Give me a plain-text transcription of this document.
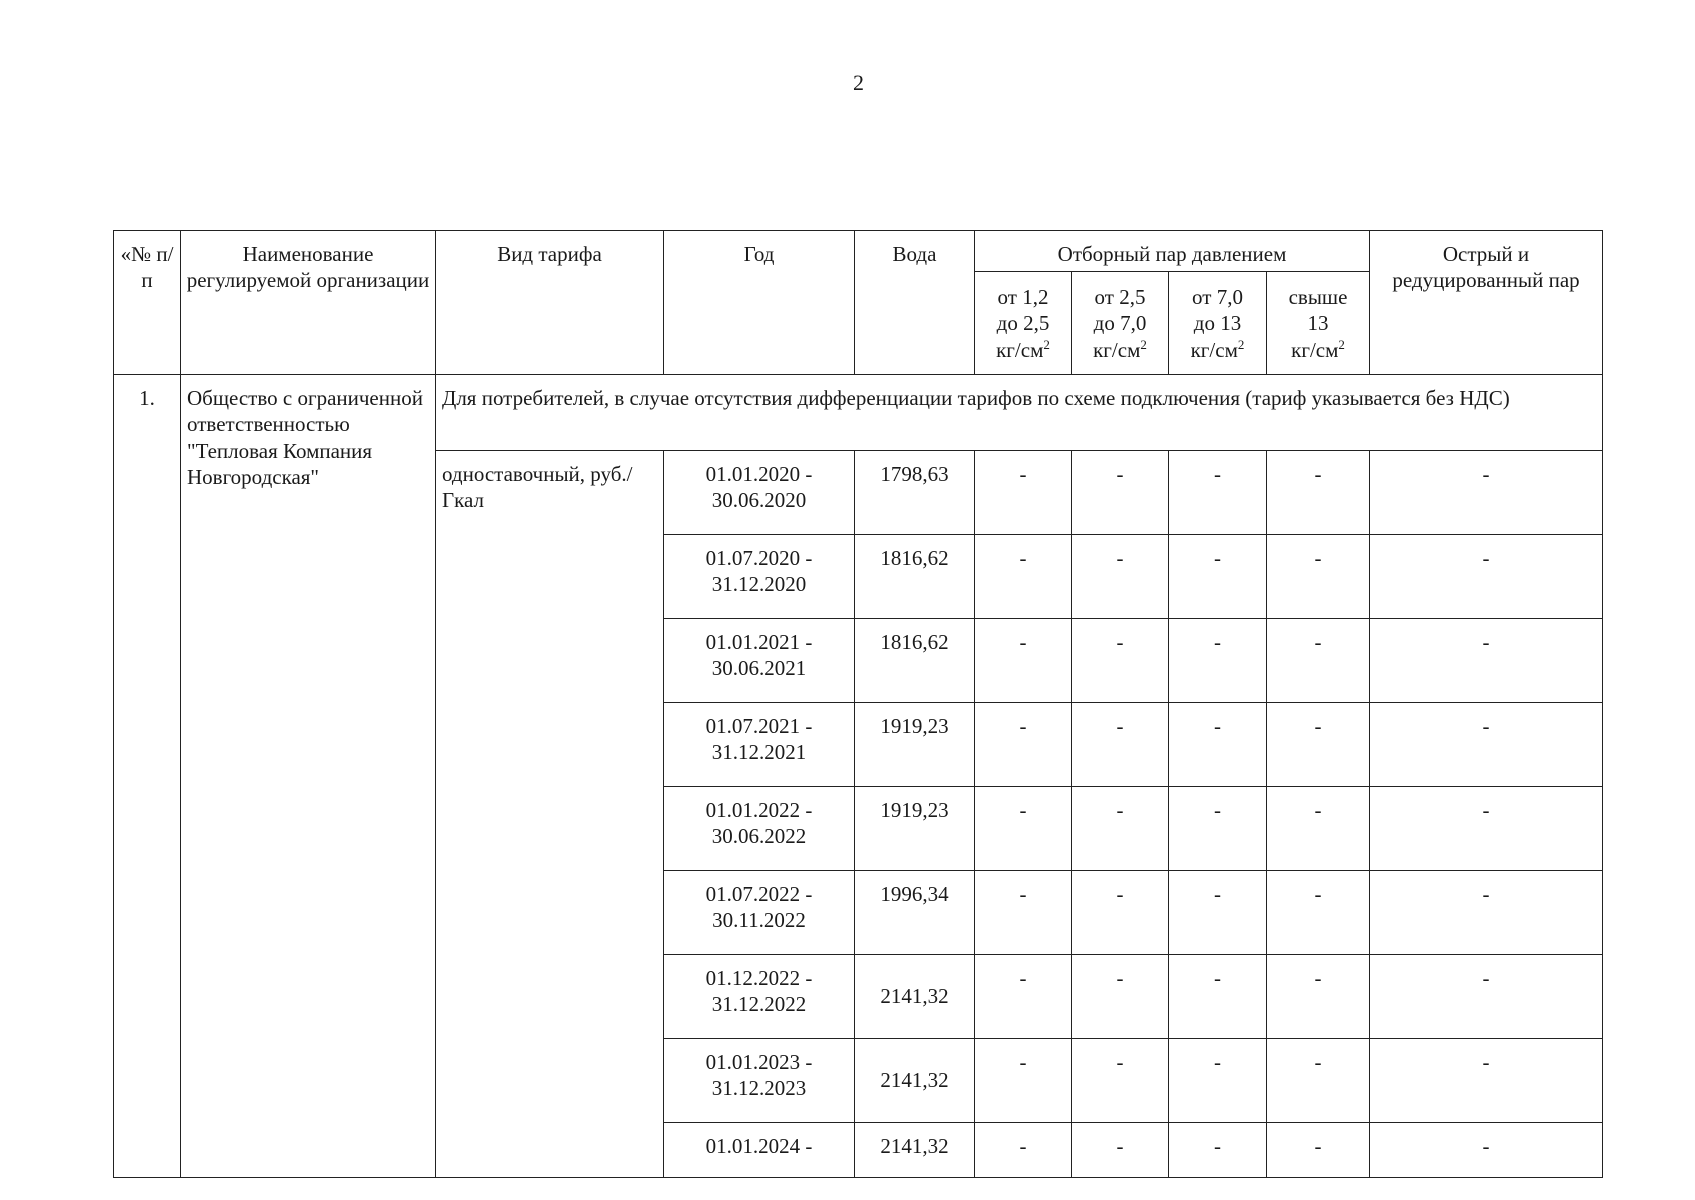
2
«№ п/п	Наименование регулируемой организации	Вид тарифа	Год	Вода	Отборный пар давлением				Острый и редуцированный пар

					от 1,2
до 2,5
$кг/см^2$	от 2,5
до 7,0
$кг/см^2$	от 7,0
до 13
$кг/см^2$	свыше
13
$кг/см^2$

1.	Общество с ограниченной ответственностью "Тепловая Компания Новгородская"	Для потребителей, в случае отсутствия дифференциации тарифов по схеме подключения (тариф указывается без НДС)							
		одноставочный, руб./Гкал	01.01.2020 - 30.06.2020	1798,63	-	-	-	-	-
			01.07.2020 - 31.12.2020	1816,62	-	-	-	-	-
			01.01.2021 - 30.06.2021	1816,62	-	-	-	-	-
			01.07.2021 - 31.12.2021	1919,23	-	-	-	-	-
			01.01.2022 - 30.06.2022	1919,23	-	-	-	-	-
			01.07.2022 - 30.11.2022	1996,34	-	-	-	-	-
			01.12.2022 - 31.12.2022	2141,32	-	-	-	-	-
			01.01.2023 - 31.12.2023	2141,32	-	-	-	-	-
			01.01.2024 -	2141,32	-	-	-	-	-
